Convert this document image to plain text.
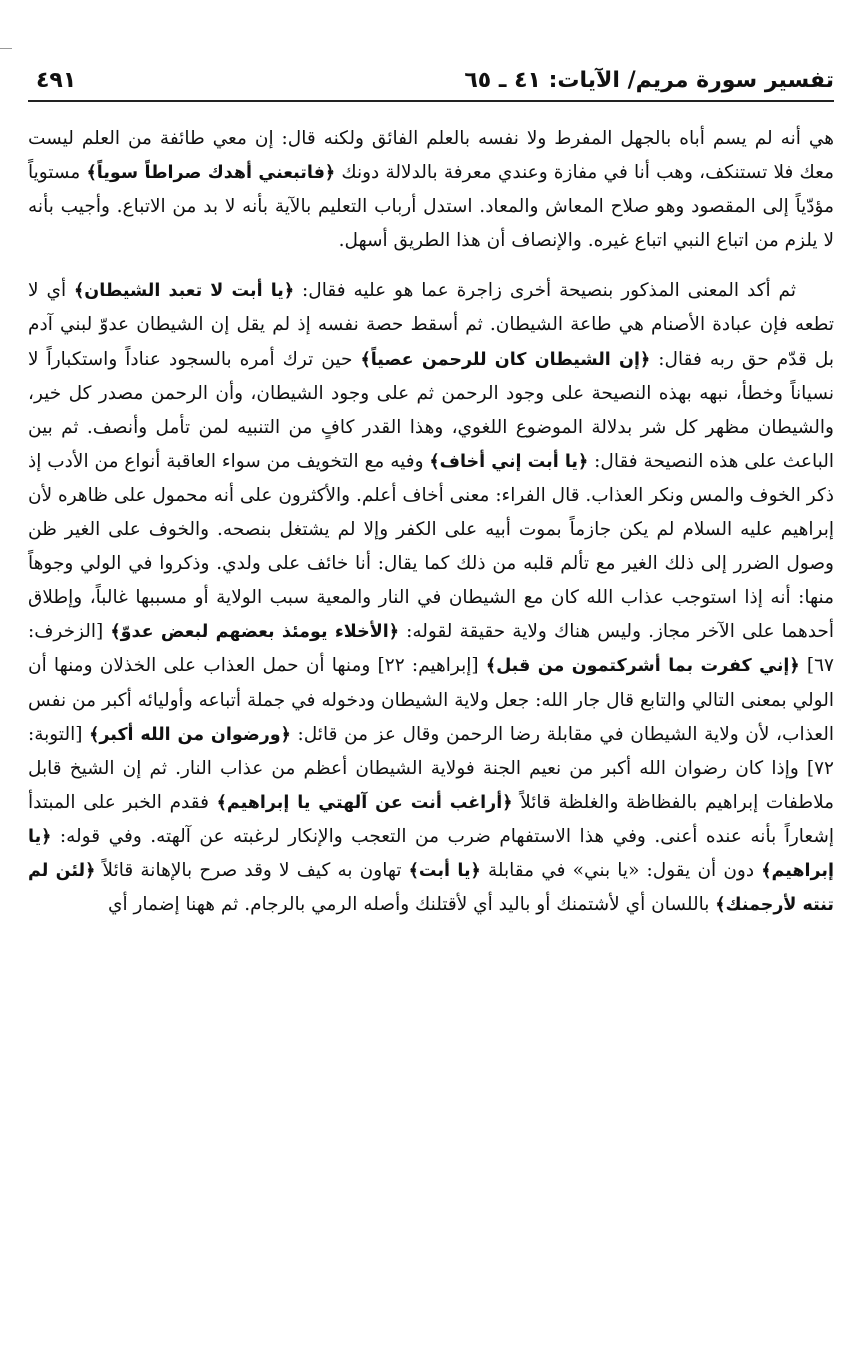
تفسير سورة مريم/ الآيات: ٤١ ـ ٦٥
٤٩١

هي أنه لم يسم أباه بالجهل المفرط ولا نفسه بالعلم الفائق ولكنه قال: إن معي طائفة من العلم ليست معك فلا تستنكف، وهب أنا في مفازة وعندي معرفة بالدلالة دونك ﴿فاتبعني أهدك صراطاً سوياً﴾ مستوياً مؤدّياً إلى المقصود وهو صلاح المعاش والمعاد. استدل أرباب التعليم بالآية بأنه لا بد من الاتباع. وأجيب بأنه لا يلزم من اتباع النبي اتباع غيره. والإنصاف أن هذا الطريق أسهل.

ثم أكد المعنى المذكور بنصيحة أخرى زاجرة عما هو عليه فقال: ﴿يا أبت لا تعبد الشيطان﴾ أي لا تطعه فإن عبادة الأصنام هي طاعة الشيطان. ثم أسقط حصة نفسه إذ لم يقل إن الشيطان عدوّ لبني آدم بل قدّم حق ربه فقال: ﴿إن الشيطان كان للرحمن عصياً﴾ حين ترك أمره بالسجود عناداً واستكباراً لا نسياناً وخطأ، نبهه بهذه النصيحة على وجود الرحمن ثم على وجود الشيطان، وأن الرحمن مصدر كل خير، والشيطان مظهر كل شر بدلالة الموضوع اللغوي، وهذا القدر كافٍ من التنبيه لمن تأمل وأنصف. ثم بين الباعث على هذه النصيحة فقال: ﴿يا أبت إني أخاف﴾ وفيه مع التخويف من سواء العاقبة أنواع من الأدب إذ ذكر الخوف والمس ونكر العذاب. قال الفراء: معنى أخاف أعلم. والأكثرون على أنه محمول على ظاهره لأن إبراهيم عليه السلام لم يكن جازماً بموت أبيه على الكفر وإلا لم يشتغل بنصحه. والخوف على الغير ظن وصول الضرر إلى ذلك الغير مع تألم قلبه من ذلك كما يقال: أنا خائف على ولدي. وذكروا في الولي وجوهاً منها: أنه إذا استوجب عذاب الله كان مع الشيطان في النار والمعية سبب الولاية أو مسببها غالباً، وإطلاق أحدهما على الآخر مجاز. وليس هناك ولاية حقيقة لقوله: ﴿الأخلاء يومئذ بعضهم لبعض عدوّ﴾ [الزخرف: ٦٧] ﴿إني كفرت بما أشركتمون من قبل﴾ [إبراهيم: ٢٢] ومنها أن حمل العذاب على الخذلان ومنها أن الولي بمعنى التالي والتابع قال جار الله: جعل ولاية الشيطان ودخوله في جملة أتباعه وأوليائه أكبر من نفس العذاب، لأن ولاية الشيطان في مقابلة رضا الرحمن وقال عز من قائل: ﴿ورضوان من الله أكبر﴾ [التوبة: ٧٢] وإذا كان رضوان الله أكبر من نعيم الجنة فولاية الشيطان أعظم من عذاب النار. ثم إن الشيخ قابل ملاطفات إبراهيم بالفظاظة والغلظة قائلاً ﴿أراغب أنت عن آلهتي يا إبراهيم﴾ فقدم الخبر على المبتدأ إشعاراً بأنه عنده أعنى. وفي هذا الاستفهام ضرب من التعجب والإنكار لرغبته عن آلهته. وفي قوله: ﴿يا إبراهيم﴾ دون أن يقول: «يا بني» في مقابلة ﴿يا أبت﴾ تهاون به كيف لا وقد صرح بالإهانة قائلاً ﴿لئن لم تنته لأرجمنك﴾ باللسان أي لأشتمنك أو باليد أي لأقتلنك وأصله الرمي بالرجام. ثم ههنا إضمار أي
